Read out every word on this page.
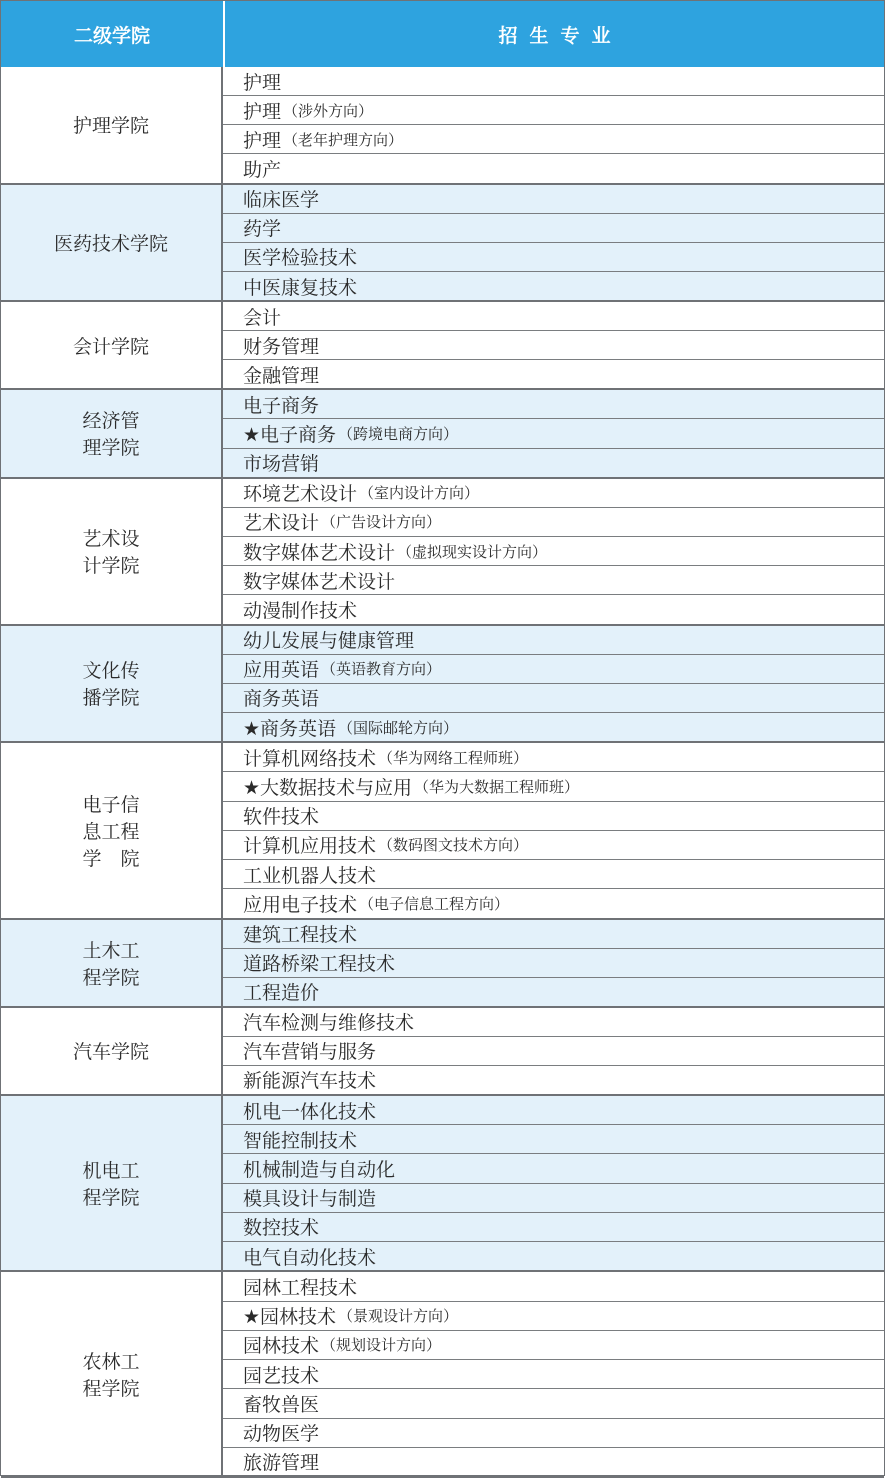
二级学院	招生专业
护理学院
护理
护理 （涉外方向）
护理 （老年护理方向）
助产
医药技术学院
临床医学
药学
医学检验技术
中医康复技术
会计学院
会计
财务管理
金融管理
经济管
理学院
电子商务
★电子商务 （跨境电商方向）
市场营销
艺术设
计学院
环境艺术设计 （室内设计方向）
艺术设计 （广告设计方向）
数字媒体艺术设计 （虚拟现实设计方向）
数字媒体艺术设计
动漫制作技术
文化传
播学院
幼儿发展与健康管理
应用英语 （英语教育方向）
商务英语
★商务英语 （国际邮轮方向）
电子信
息工程
学　院
计算机网络技术 （华为网络工程师班）
★大数据技术与应用 （华为大数据工程师班）
软件技术
计算机应用技术 （数码图文技术方向）
工业机器人技术
应用电子技术 （电子信息工程方向）
土木工
程学院
建筑工程技术
道路桥梁工程技术
工程造价
汽车学院
汽车检测与维修技术
汽车营销与服务
新能源汽车技术
机电工
程学院
机电一体化技术
智能控制技术
机械制造与自动化
模具设计与制造
数控技术
电气自动化技术
农林工
程学院
园林工程技术
★园林技术 （景观设计方向）
园林技术 （规划设计方向）
园艺技术
畜牧兽医
动物医学
旅游管理
